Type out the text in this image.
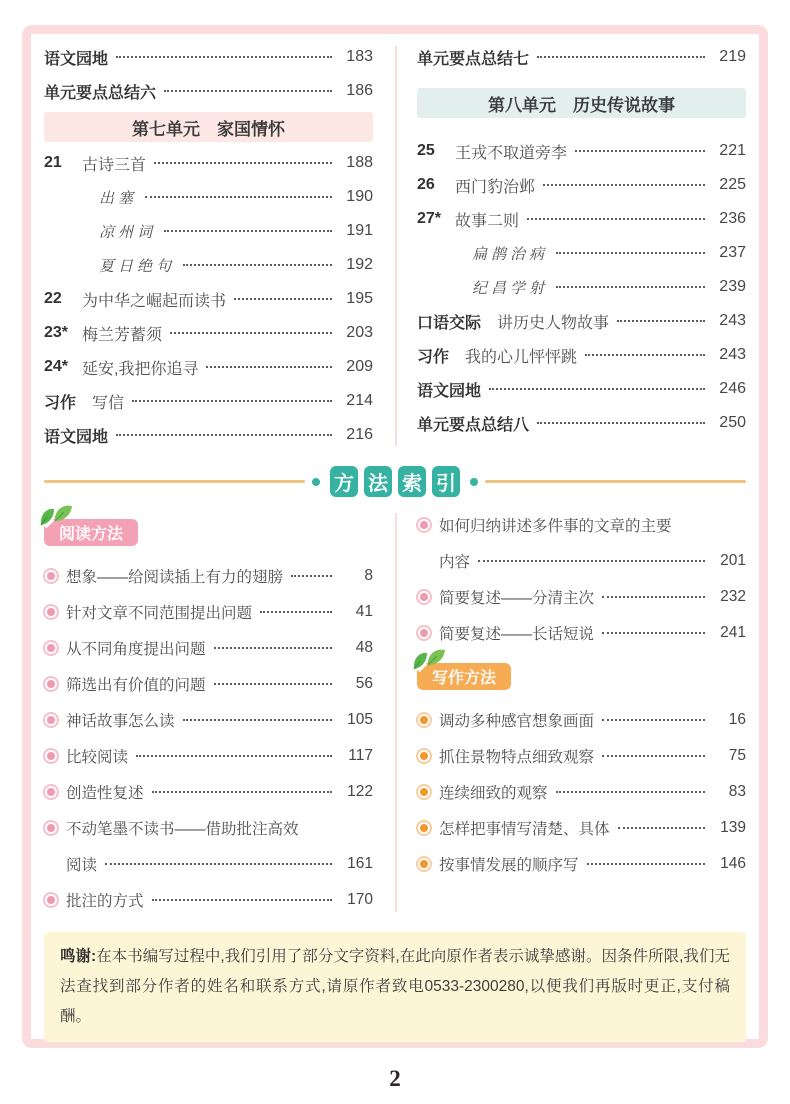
语文园地	183
单元要点总结六	186
第七单元　家国情怀
21	古诗三首	188
出塞	190
凉州词	191
夏日绝句	192
22	为中华之崛起而读书	195
23* 梅兰芳蓄须	203
24* 延安,我把你追寻	209
习作 写信	214
语文园地	216
单元要点总结七	219
第八单元　历史传说故事
25	王戎不取道旁李	221
26	西门豹治邺	225
27* 故事二则	236
扁鹊治病	237
纪昌学射	239
口语交际 讲历史人物故事	243
习作 我的心儿怦怦跳	243
语文园地	246
单元要点总结八	250
方 法 索 引
阅读方法
想象——给阅读插上有力的翅膀	8
针对文章不同范围提出问题	41
从不同角度提出问题	48
筛选出有价值的问题	56
神话故事怎么读	105
比较阅读	117
创造性复述	122
不动笔墨不读书——借助批注高效
阅读	161
批注的方式	170
如何归纳讲述多件事的文章的主要
内容	201
简要复述——分清主次	232
简要复述——长话短说	241
写作方法
调动多种感官想象画面	16
抓住景物特点细致观察	75
连续细致的观察	83
怎样把事情写清楚、具体	139
按事情发展的顺序写	146
鸣谢:在本书编写过程中,我们引用了部分文字资料,在此向原作者表示诚挚感谢。因条件所限,我们无法查找到部分作者的姓名和联系方式,请原作者致电0533-2300280,以便我们再版时更正,支付稿酬。
2
